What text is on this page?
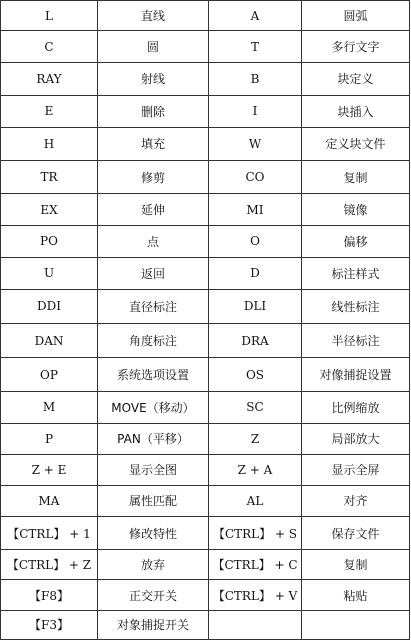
L	直线	A	圆弧
C	圆	T	多行文字
RAY	射线	B	块定义
E	删除	I	块插入
H	填充	W	定义块文件
TR	修剪	CO	复制
EX	延伸	MI	镜像
PO	点	O	偏移
U	返回	D	标注样式
DDI	直径标注	DLI	线性标注
DAN	角度标注	DRA	半径标注
OP	系统选项设置	OS	对像捕捉设置
M	MOVE（移动）	SC	比例缩放
P	PAN（平移）	Z	局部放大
Z + E	显示全图	Z + A	显示全屏
MA	属性匹配	AL	对齐
【CTRL】 + 1	修改特性	【CTRL】 + S	保存文件
【CTRL】 + Z	放弃	【CTRL】 + C	复制
【F8】	正交开关	【CTRL】 + V	粘贴
【F3】	对象捕捉开关		
